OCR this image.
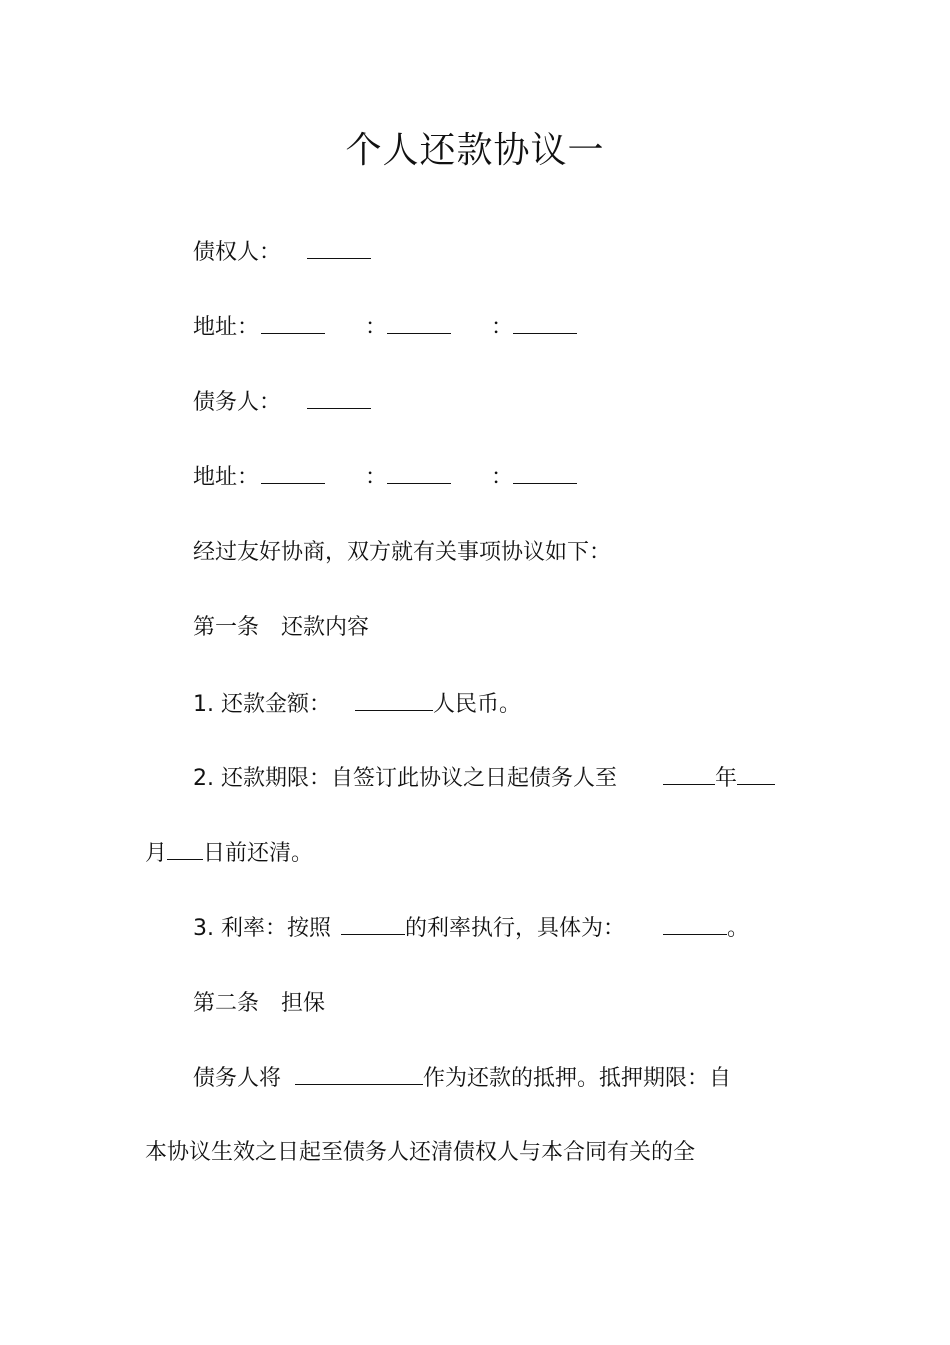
个人还款协议一
债权人：
地址：	：	：
债务人：
地址：	：	：
经过友好协商，双方就有关事项协议如下：
第一条　还款内容
1. 还款金额：	人民币。
2. 还款期限：自签订此协议之日起债务人至	年
月 日前还清。
3. 利率：按照	的利率执行，具体为：	。
第二条　担保
债务人将	作为还款的抵押。抵押期限：自
本协议生效之日起至债务人还清债权人与本合同有关的全
